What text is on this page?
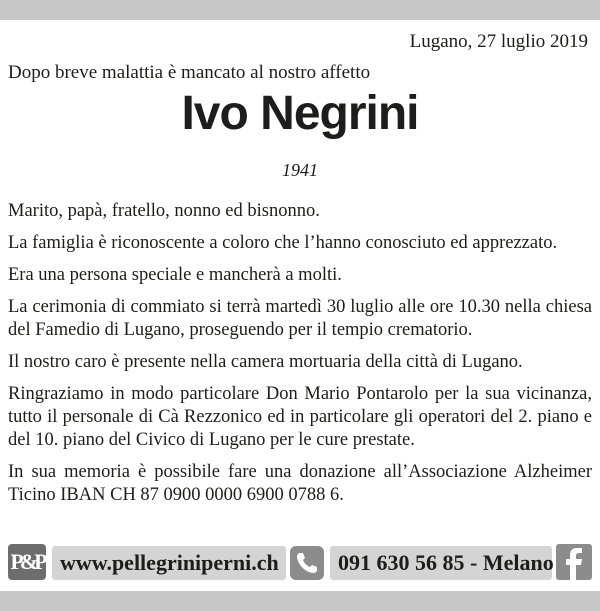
Lugano, 27 luglio 2019
Dopo breve malattia è mancato al nostro affetto
Ivo Negrini
1941

Marito, papà, fratello, nonno ed bisnonno.

La famiglia è riconoscente a coloro che l’hanno conosciuto ed apprezzato.

Era una persona speciale e mancherà a molti.

La cerimonia di commiato si terrà martedì 30 luglio alle ore 10.30 nella chiesa del Famedio di Lugano, proseguendo per il tempio crematorio.

Il nostro caro è presente nella camera mortuaria della città di Lugano.

Ringraziamo in modo particolare Don Mario Pontarolo per la sua vicinanza, tutto il personale di Cà Rezzonico ed in particolare gli operatori del 2. piano e del 10. piano del Civico di Lugano per le cure prestate.

In sua memoria è possibile fare una donazione all’Associazione Alzheimer Ticino IBAN CH 87 0900 0000 6900 0788 6.

P&P www.pellegriniperni.ch	091 630 56 85 - Melano
